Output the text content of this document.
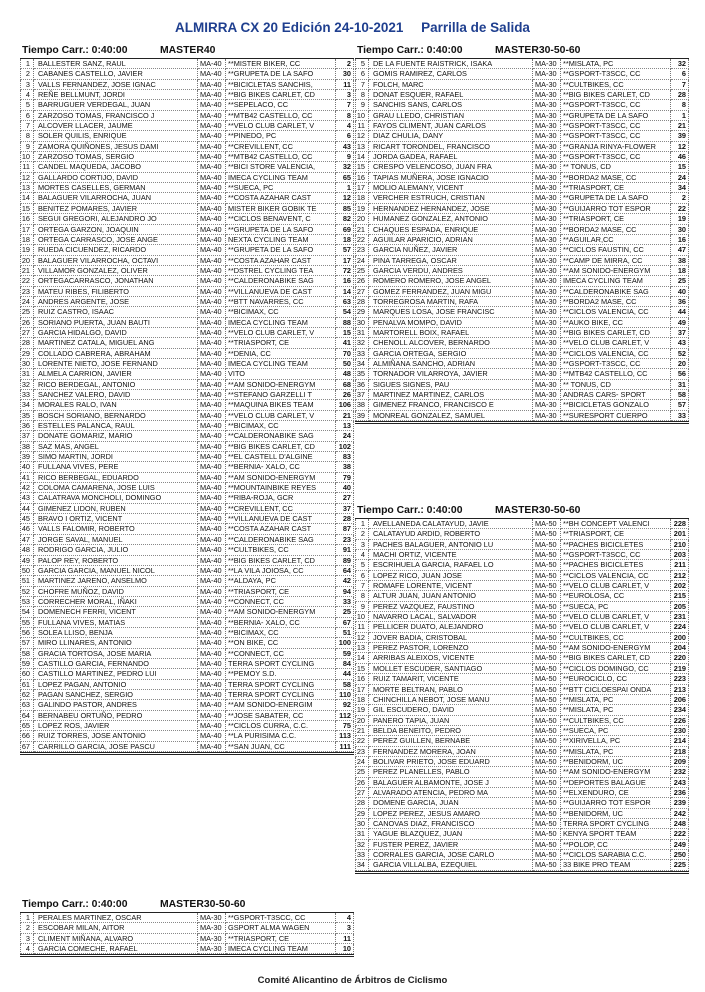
ALMIRRA CX 20 Edición 24-10-2021 Parrilla de Salida
Tiempo Carr.: 0:40:00	MASTER40
1	BALLESTER SANZ, RAUL	MA-40 **MISTER BIKER, CC	2
2	CABANES CASTELLO, JAVIER	MA-40 **GRUPETA DE LA SAFO	30
3	VALLS FERNANDEZ, JOSE IGNAC	MA-40 **BICICLETAS SANCHIS,	11
4	REÑE BELLMUNT, JORDI	MA-40 **BIG BIKES CARLET, CD	3
5	BARRUGUER VERDEGAL, JUAN	MA-40 **SEPELACO, CC	7
6	ZARZOSO TOMAS, FRANCISCO J	MA-40 **MTB42 CASTELLO, CC	8
7	ALCOVER LLACER, JAUME	MA-40 **VELO CLUB CARLET, V	4
8	SOLER QUILIS, ENRIQUE	MA-40 **PINEDO, PC	6
9	ZAMORA QUIÑONES, JESUS DAMI	MA-40 **CREVILLENT, CC	43
10	ZARZOSO TOMAS, SERGIO	MA-40 **MTB42 CASTELLO, CC	9
11	CANDEL MAQUEDA, JACOBO	MA-40 **BICI STORE VALENCIA,	32
12	GALLARDO CORTIJO, DAVID	MA-40 IMECA CYCLING TEAM	65
13	MORTES CASELLES, GERMAN	MA-40 **SUECA, PC	1
14	BALAGUER VILARROCHA, JUAN	MA-40 **COSTA AZAHAR CAST	12
15	BENITEZ POMARES, JAVIER	MA-40 MISTER BIKER GOBIK TE	85
16	SEGUI GREGORI, ALEJANDRO JO	MA-40 **CICLOS BENAVENT, C	82
17	ORTEGA GARZON, JOAQUIN	MA-40 **GRUPETA DE LA SAFO	69
18	ORTEGA CARRASCO, JOSE ANGE	MA-40 NEXTA CYCLING TEAM	18
19	RUEDA CICUENDEZ, RICARDO	MA-40 **GRUPETA DE LA SAFO	57
20	BALAGUER VILARROCHA, OCTAVI	MA-40 **COSTA AZAHAR CAST	17
21	VILLAMOR GONZALEZ, OLIVER	MA-40 **DSTREL CYCLING TEA	72
22	ORTEGACARRASCO, JONATHAN	MA-40 **CALDERONABIKE SAG	16
23	MATEU RIBES, FILIBERTO	MA-40 **VILLANUEVA DE CAST	14
24	ANDRES ARGENTE, JOSE	MA-40 **BTT NAVARRES, CC	63
25	RUIZ CASTRO, ISAAC	MA-40 **BICIMAX, CC	54
26	SORIANO PUERTA, JUAN BAUTI	MA-40 IMECA CYCLING TEAM	88
27	GARCIA HIDALGO, DAVID	MA-40 **VELO CLUB CARLET, V	15
28	MARTINEZ CATALA, MIGUEL ANG	MA-40 **TRIASPORT, CE	41
29	COLLADO CABRERA, ABRAHAM	MA-40 **DENIA, CC	70
30	LORENTE NIETO, JOSE FERNAND	MA-40 IMECA CYCLING TEAM	50
31	ALMELA CARRION, JAVIER	MA-40 VITO	48
32	RICO BERDEGAL, ANTONIO	MA-40 **AM SONIDO-ENERGYM	68
33	SANCHEZ VALERO, DAVID	MA-40 **STEFANO GARZELLI T	26
34	MORALES RALO, IVAN	MA-40 **MAQUINA BIKES TEAM	106
35	BOSCH SORIANO, BERNARDO	MA-40 **VELO CLUB CARLET, V	21
36	ESTELLES PALANCA, RAUL	MA-40 **BICIMAX, CC	13
37	DONATE GOMARIZ, MARIO	MA-40 **CALDERONABIKE SAG	24
38	SAZ MAS, ANGEL	MA-40 **BIG BIKES CARLET, CD	102
39	SIMO MARTIN, JORDI	MA-40 **EL CASTELL D'ALGINE	83
40	FULLANA VIVES, PERE	MA-40 **BERNIA- XALO, CC	38
41	RICO BERBEGAL, EDUARDO	MA-40 **AM SONIDO-ENERGYM	79
42	COLOMA CAMARENA, JOSE LUIS	MA-40 **MOUNTAINBIKE REYES	40
43	CALATRAVA MONCHOLI, DOMINGO	MA-40 **RIBA-ROJA, GCR	27
44	GIMENEZ LIDON, RUBEN	MA-40 **CREVILLENT, CC	37
45	BRAVO I ORTIZ, VICENT	MA-40 **VILLANUEVA DE CAST	28
46	VALLS FALOMIR, ROBERTO	MA-40 **COSTA AZAHAR CAST	87
47	JORGE SAVAL, MANUEL	MA-40 **CALDERONABIKE SAG	23
48	RODRIGO GARCIA, JULIO	MA-40 **CULTBIKES, CC	91
49	PALOP REY, ROBERTO	MA-40 **BIG BIKES CARLET, CD	89
50	GARCIA GARCIA, MANUEL NICOL	MA-40 **LA VILA JOIOSA, CC	64
51	MARTINEZ JARENO, ANSELMO	MA-40 **ALDAYA, PC	42
52	CHOFRE MUÑOZ, DAVID	MA-40 **TRIASPORT, CE	94
53	CORRECHER MORAL, IÑAKI	MA-40 **CONNECT, CC	33
54	DOMENECH FERRI, VICENT	MA-40 **AM SONIDO-ENERGYM	25
55	FULLANA VIVES, MATIAS	MA-40 **BERNIA- XALO, CC	67
56	SOLEA LLISO, BENJA	MA-40 **BICIMAX, CC	51
57	MIRO LLINARES, ANTONIO	MA-40 **ON BIKE, CC	100
58	GRACIA TORTOSA, JOSE MARIA	MA-40 **CONNECT, CC	59
59	CASTILLO GARCIA, FERNANDO	MA-40 TERRA SPORT CYCLING	84
60	CASTILLO MARTINEZ, PEDRO LUI	MA-40 **PEMOY S.D.	44
61	LOPEZ PAGAN, ANTONIO	MA-40 TERRA SPORT CYCLING	58
62	PAGAN SANCHEZ, SERGIO	MA-40 TERRA SPORT CYCLING	110
63	GALINDO PASTOR, ANDRES	MA-40 **AM SONIDO-ENERGIM	92
64	BERNABEU ORTUÑO, PEDRO	MA-40 **JOSE SABATER, CC	112
65	LOPEZ ROS, JAVIER	MA-40 **CICLOS CURRA, C.C.	75
66	RUIZ TORRES, JOSE ANTONIO	MA-40 **LA PURISIMA C.C.	113
67	CARRILLO GARCIA, JOSE PASCU	MA-40 **SAN JUAN, CC	111
Tiempo Carr.: 0:40:00	MASTER30-50-60
1	PERALES MARTINEZ, OSCAR	MA-30 **GSPORT-T3SCC, CC	4
2	ESCOBAR MILAN, AITOR	MA-30 GSPORT ALMA WAGEN	3
3	CLIMENT MIÑANA, ALVARO	MA-30 **TRIASPORT, CE	11
4	GARCIA COMECHE, RAFAEL	MA-30 IMECA CYCLING TEAM	10
Tiempo Carr.: 0:40:00	MASTER30-50-60
5	DE LA FUENTE RAISTRICK, ISAKA	MA-30 **MISLATA, PC	32
6	GOMIS RAMIREZ, CARLOS	MA-30 **GSPORT-T3SCC, CC	6
7	FOLCH, MARC	MA-30 **CULTBIKES, CC	7
8	DONAT ESQUER, RAFAEL	MA-30 **BIG BIKES CARLET, CD	28
9	SANCHIS SANS, CARLOS	MA-30 **GSPORT-T3SCC, CC	8
10	GRAU LLEDO, CHRISTIAN	MA-30 **GRUPETA DE LA SAFO	1
11	FAYOS CLIMENT, JUAN CARLOS	MA-30 **GSPORT-T3SCC, CC	21
12	DIAZ CHULIA, DANY	MA-30 **GSPORT-T3SCC, CC	39
13	RICART TORONDEL, FRANCISCO	MA-30 **GRANJA RINYA-FLOWER	12
14	JORDA GADEA, RAFAEL	MA-30 **GSPORT-T3SCC, CC	46
15	CRESPO VELENCOSO, JUAN FRA	MA-30 ** TONUS, CD	15
16	TAPIAS MUÑERA, JOSE IGNACIO	MA-30 **BORDA2 MASE, CC	24
17	MOLIO ALEMANY, VICENT	MA-30 **TRIASPORT, CE	34
18	VERCHER ESTRUCH, CRISTIAN	MA-30 **GRUPETA DE LA SAFO	2
19	HERNANDEZ HERNANDEZ, JOSE	MA-30 **GUIJARRO TOT ESPOR	22
20	HUMANEZ GONZALEZ, ANTONIO	MA-30 **TRIASPORT, CE	19
21	CHAQUES ESPADA, ENRIQUE	MA-30 **BORDA2 MASE, CC	30
22	AGUILAR APARICIO, ADRIAN	MA-30 **AGUILAR,CC	16
23	GARCIA NUÑEZ, JAVIER	MA-30 **CICLOS FAUSTIN, CC	47
24	PINA TARREGA, OSCAR	MA-30 **CAMP DE MIRRA, CC	38
25	GARCIA VERDU, ANDRES	MA-30 **AM SONIDO-ENERGYM	18
26	ROMERO ROMERO, JOSE ANGEL	MA-30 IMECA CYCLING TEAM	25
27	GOMEZ FERRANDEZ, JUAN MIGU	MA-30 **CALDERONABIKE SAG	40
28	TORREGROSA MARTIN, RAFA	MA-30 **BORDA2 MASE, CC	36
29	MARQUES LOSA, JOSE FRANCISC	MA-30 **CICLOS VALENCIA, CC	44
30	PENALVA MOMPO, DAVID	MA-30 **AUKO BIKE, CC	49
31	MARTORELL BOIX, RAFAEL	MA-30 **BIG BIKES CARLET, CD	37
32	CHENOLL ALCOVER, BERNARDO	MA-30 **VELO CLUB CARLET, V	43
33	GARCIA ORTEGA, SERGIO	MA-30 **CICLOS VALENCIA, CC	52
34	ALMIÑANA SANCHO, ADRIAN	MA-30 **GSPORT-T3SCC, CC	20
35	TORNADOR VILARROYA, JAVIER	MA-30 **MTB42 CASTELLO, CC	56
36	SIGUES SIGNES, PAU	MA-30 ** TONUS, CD	31
37	MARTINEZ MARTINEZ, CARLOS	MA-30 ANDRAS CARS- SPORT	58
38	GIMENEZ FRANCO, FRANCISCO E	MA-30 **BICICLETAS GONZALO	57
39	MONREAL GONZALEZ, SAMUEL	MA-30 **SURESPORT CUERPO	33
Tiempo Carr.: 0:40:00	MASTER30-50-60
1	AVELLANEDA CALATAYUD, JAVIE	MA-50 **BH CONCEPT VALENCI	228
2	CALATAYUD ARDID, ROBERTO	MA-50 **TRIASPORT, CE	201
3	PACHES BALAGUER, ANTONIO LU	MA-50 **PACHES BICICLETES	210
4	MACHI ORTIZ, VICENTE	MA-50 **GSPORT-T3SCC, CC	203
5	ESCRIHUELA GARCIA, RAFAEL LO	MA-50 **PACHES BICICLETES	211
6	LOPEZ RICO, JUAN JOSE	MA-50 **CICLOS VALENCIA, CC	212
7	ROMAFE LORENTE, VICENT	MA-50 **VELO CLUB CARLET, V	202
8	ALTUR JUAN, JUAN ANTONIO	MA-50 **EUROLOSA, CC	215
9	PEREZ VAZQUEZ, FAUSTINO	MA-50 **SUECA, PC	205
10	NAVARRO LACAL, SALVADOR	MA-50 **VELO CLUB CARLET, V	231
11	PELLICER DUATO, ALEJANDRO	MA-50 **VELO CLUB CARLET, V	224
12	JOVER BADIA, CRISTOBAL	MA-50 **CULTBIKES, CC	200
13	PEREZ PASTOR, LORENZO	MA-50 **AM SONIDO-ENERGYM	204
14	ARRIBAS ALEIXOS, VICENTE	MA-50 **BIG BIKES CARLET, CD	220
15	MOLLET ESCUDER, SANTIAGO	MA-50 **CICLOS DOMINGO, CC	219
16	RUIZ TAMARIT, VICENTE	MA-50 **EUROCICLO, CC	223
17	MORTE BELTRAN, PABLO	MA-50 **BTT CICLOESPAI ONDA	213
18	CHINCHILLA NEBOT, JOSE MANU	MA-50 **MISLATA, PC	206
19	GIL ESCUDERO, DAVID	MA-50 **MISLATA, PC	234
20	PANERO TAPIA, JUAN	MA-50 **CULTBIKES, CC	226
21	BELDA BENEITO, PEDRO	MA-50 **SUECA, PC	230
22	PEREZ GUILLEN, BERNABE	MA-50 **XIRIVELLA, PC	214
23	FERNANDEZ MORERA, JOAN	MA-50 **MISLATA, PC	218
24	BOLIVAR PRIETO, JOSE EDUARD	MA-50 **BENIDORM, UC	209
25	PEREZ PLANELLES, PABLO	MA-50 **AM SONIDO-ENERGYM	232
26	BALAGUER ALBAMONTE, JOSE J	MA-50 **DEPORTES BALAGUE	243
27	ALVARADO ATENCIA, PEDRO MA	MA-50 **ELXENDURO, CE	236
28	DOMENE GARCIA, JUAN	MA-50 **GUIJARRO TOT ESPOR	239
29	LOPEZ PEREZ, JESUS AMARO	MA-50 **BENIDORM, UC	242
30	CANOVAS DIAZ, FRANCISCO	MA-50 TERRA SPORT CYCLING	248
31	YAGUE BLAZQUEZ, JUAN	MA-50 KENYA SPORT TEAM	222
32	FUSTER PEREZ, JAVIER	MA-50 **POLOP, CC	249
33	CORRALES GARCIA, JOSE CARLO	MA-50 **CICLOS SARABIA C.C.	250
34	GARCIA VILLALBA, EZEQUIEL	MA-50 33 BIKE PRO TEAM	225
Comité Alicantino de Árbitros de Ciclismo
